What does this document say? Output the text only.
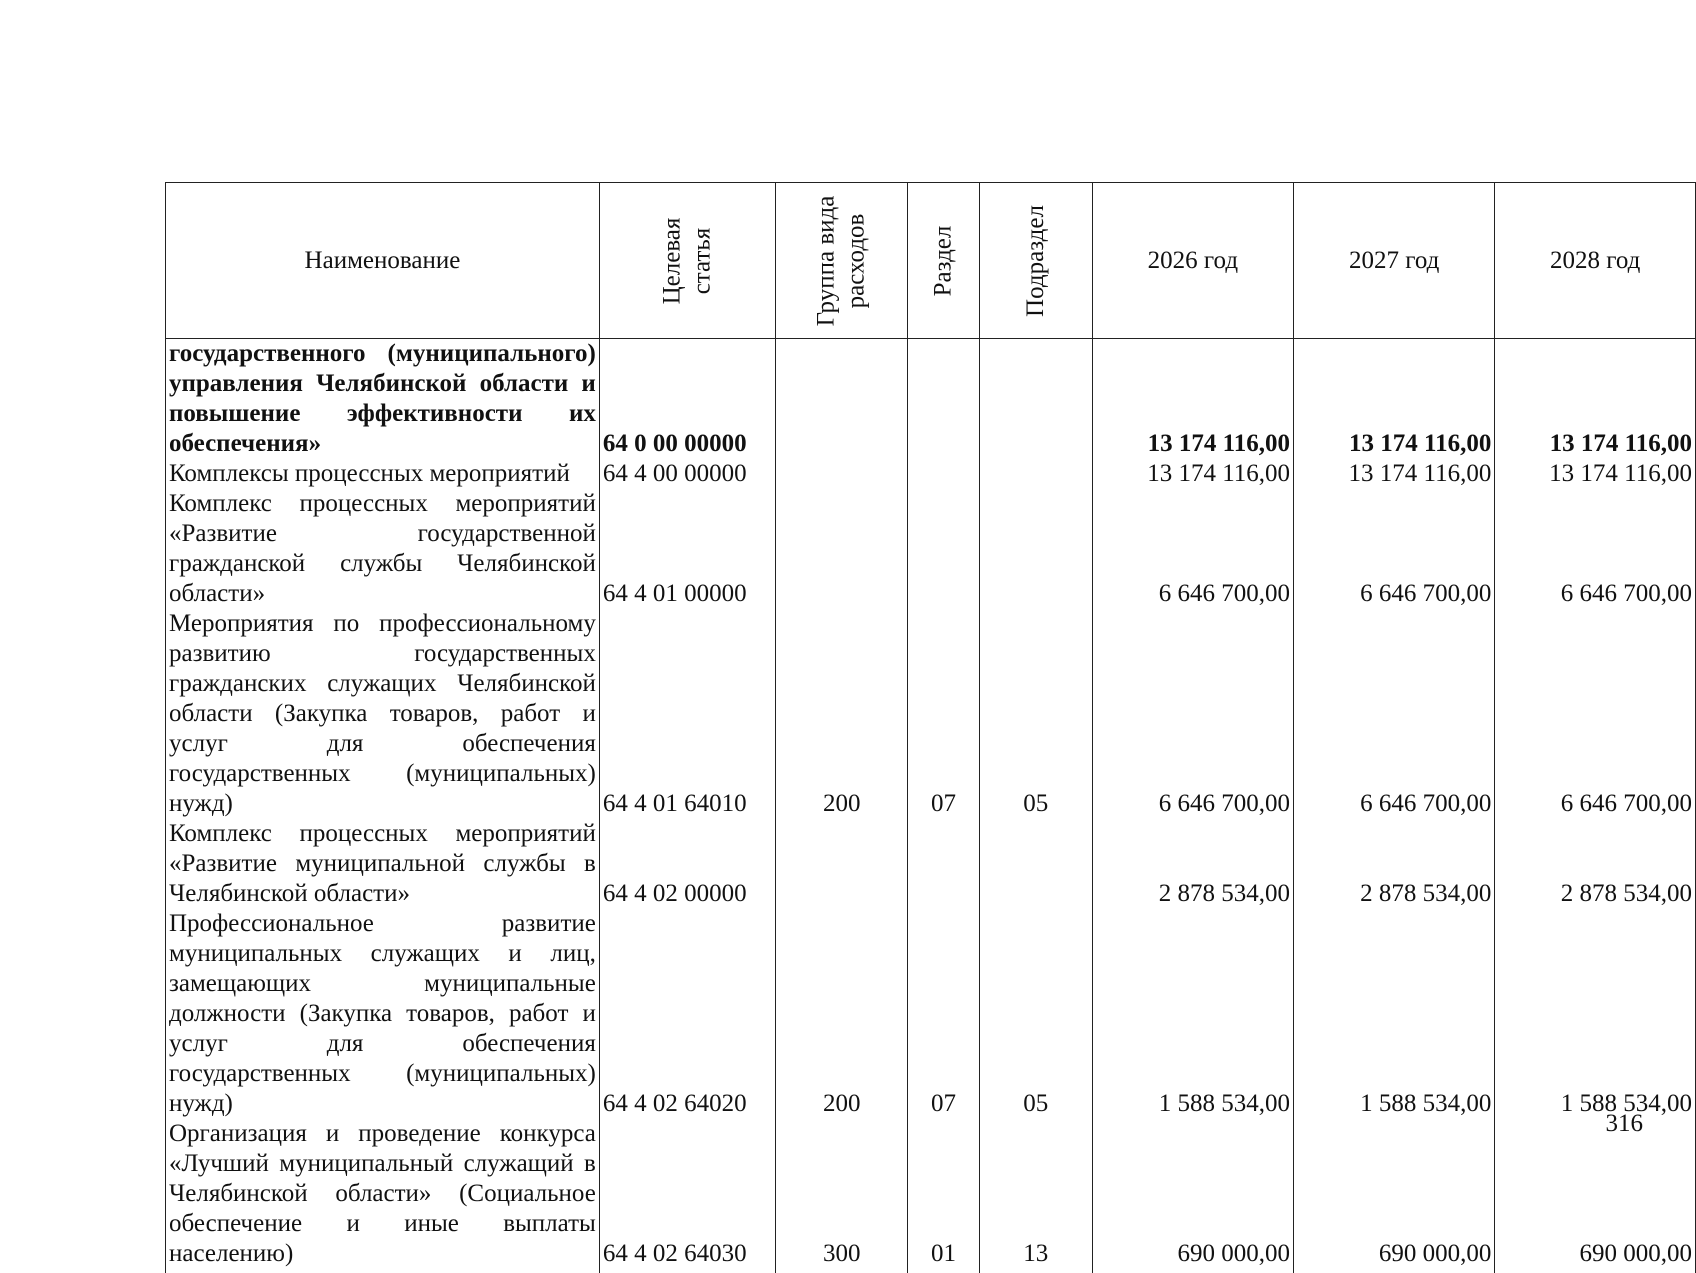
Наименование	Целевая статья	Группа вида расходов	Раздел	Подраздел	2026 год	2027 год	2028 год
государственного (муниципального) управления Челябинской области и повышение эффективности их обеспечения»	64 0 00 00000				13 174 116,00	13 174 116,00	13 174 116,00
Комплексы процессных мероприятий	64 4 00 00000				13 174 116,00	13 174 116,00	13 174 116,00
Комплекс процессных мероприятий «Развитие государственной гражданской службы Челябинской области»	64 4 01 00000				6 646 700,00	6 646 700,00	6 646 700,00
Мероприятия по профессиональному развитию государственных гражданских служащих Челябинской области (Закупка товаров, работ и услуг для обеспечения государственных (муниципальных) нужд)	64 4 01 64010	200	07	05	6 646 700,00	6 646 700,00	6 646 700,00
Комплекс процессных мероприятий «Развитие муниципальной службы в Челябинской области»	64 4 02 00000				2 878 534,00	2 878 534,00	2 878 534,00
Профессиональное развитие муниципальных служащих и лиц, замещающих муниципальные должности (Закупка товаров, работ и услуг для обеспечения государственных (муниципальных) нужд)	64 4 02 64020	200	07	05	1 588 534,00	1 588 534,00	1 588 534,00
Организация и проведение конкурса «Лучший муниципальный служащий в Челябинской области» (Социальное обеспечение и иные выплаты населению)	64 4 02 64030	300	01	13	690 000,00	690 000,00	690 000,00
316
